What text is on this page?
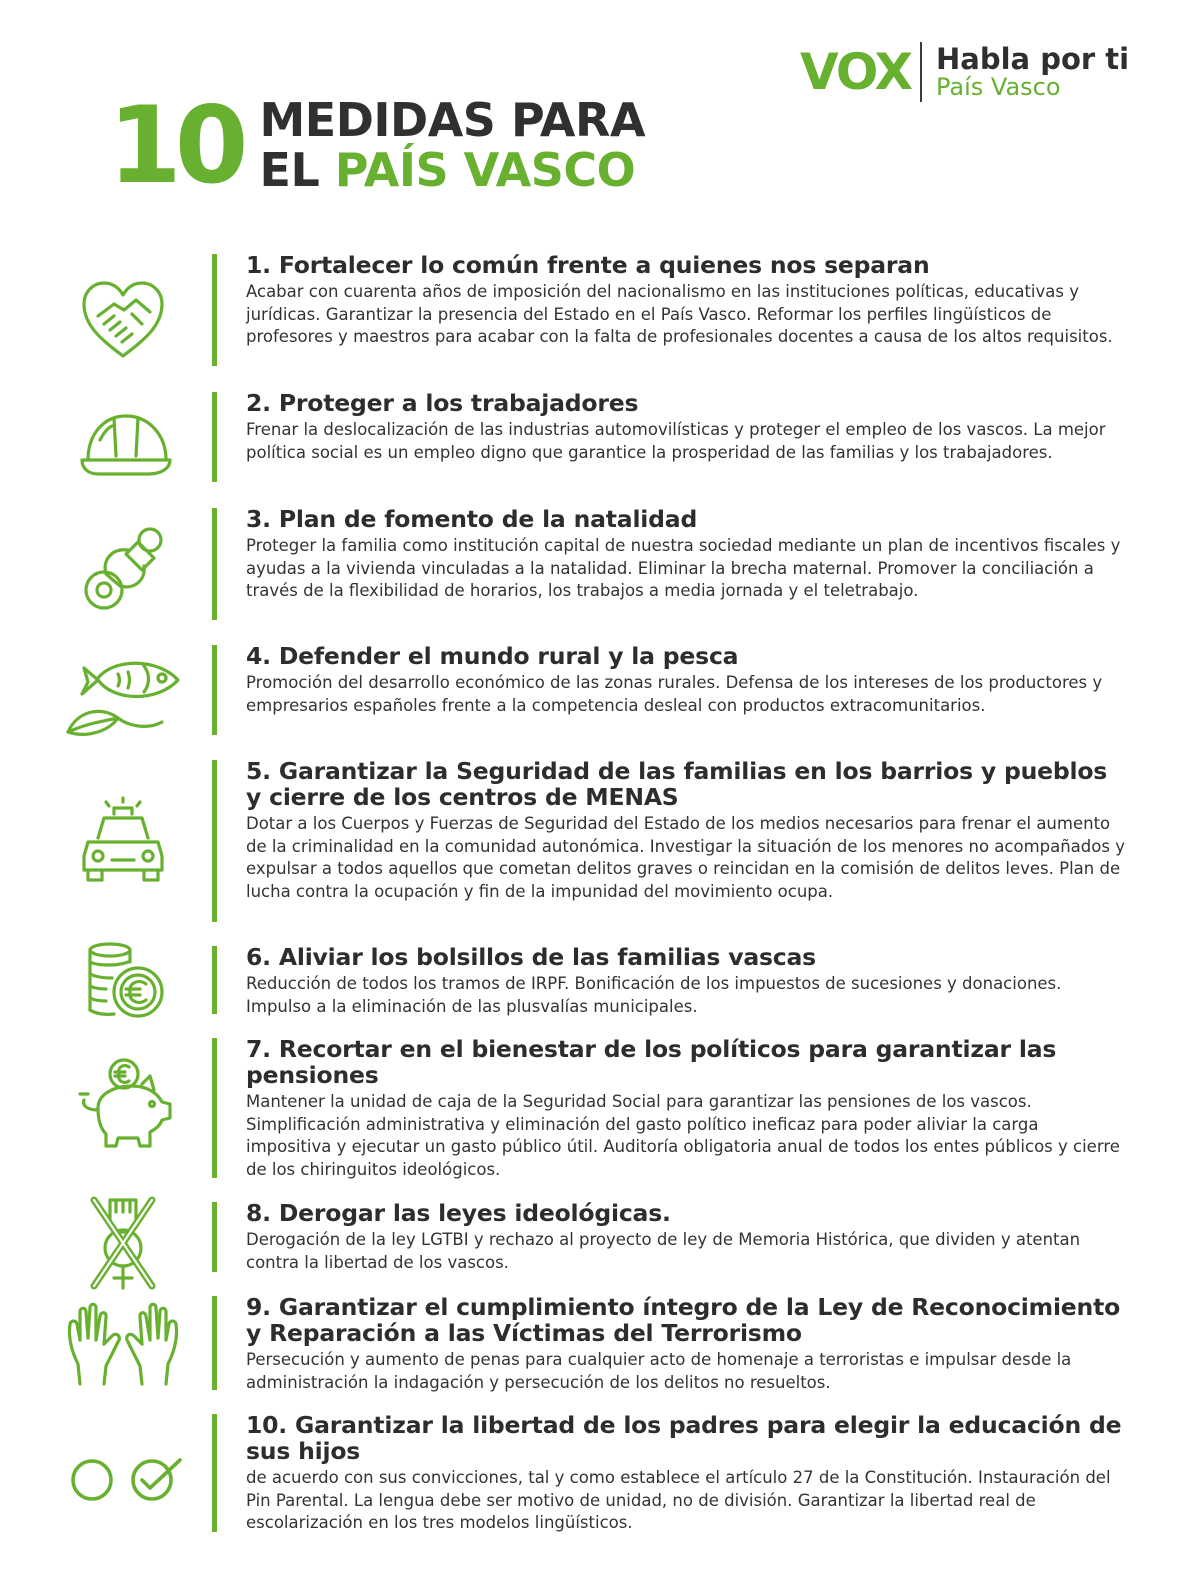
VOX Habla por ti
País Vasco
10 MEDIDAS PARA
EL PAÍS VASCO
1. Fortalecer lo común frente a quienes nos separan

Acabar con cuarenta años de imposición del nacionalismo en las instituciones políticas, educativas y jurídicas. Garantizar la presencia del Estado en el País Vasco. Reformar los perfiles lingüísticos de profesores y maestros para acabar con la falta de profesionales docentes a causa de los altos requisitos.

2. Proteger a los trabajadores

Frenar la deslocalización de las industrias automovilísticas y proteger el empleo de los vascos. La mejor política social es un empleo digno que garantice la prosperidad de las familias y los trabajadores.

3. Plan de fomento de la natalidad

Proteger la familia como institución capital de nuestra sociedad mediante un plan de incentivos fiscales y ayudas a la vivienda vinculadas a la natalidad. Eliminar la brecha maternal. Promover la conciliación a través de la flexibilidad de horarios, los trabajos a media jornada y el teletrabajo.

4. Defender el mundo rural y la pesca

Promoción del desarrollo económico de las zonas rurales. Defensa de los intereses de los productores y empresarios españoles frente a la competencia desleal con productos extracomunitarios.

5. Garantizar la Seguridad de las familias en los barrios y pueblos y cierre de los centros de MENAS

Dotar a los Cuerpos y Fuerzas de Seguridad del Estado de los medios necesarios para frenar el aumento de la criminalidad en la comunidad autonómica. Investigar la situación de los menores no acompañados y expulsar a todos aquellos que cometan delitos graves o reincidan en la comisión de delitos leves. Plan de lucha contra la ocupación y fin de la impunidad del movimiento ocupa.

6. Aliviar los bolsillos de las familias vascas

Reducción de todos los tramos de IRPF. Bonificación de los impuestos de sucesiones y donaciones. Impulso a la eliminación de las plusvalías municipales.

7. Recortar en el bienestar de los políticos para garantizar las pensiones

Mantener la unidad de caja de la Seguridad Social para garantizar las pensiones de los vascos. Simplificación administrativa y eliminación del gasto político ineficaz para poder aliviar la carga impositiva y ejecutar un gasto público útil. Auditoría obligatoria anual de todos los entes públicos y cierre de los chiringuitos ideológicos.

8. Derogar las leyes ideológicas.

Derogación de la ley LGTBI y rechazo al proyecto de ley de Memoria Histórica, que dividen y atentan contra la libertad de los vascos.

9. Garantizar el cumplimiento íntegro de la Ley de Reconocimiento y Reparación a las Víctimas del Terrorismo

Persecución y aumento de penas para cualquier acto de homenaje a terroristas e impulsar desde la administración la indagación y persecución de los delitos no resueltos.

10. Garantizar la libertad de los padres para elegir la educación de sus hijos

de acuerdo con sus convicciones, tal y como establece el artículo 27 de la Constitución. Instauración del Pin Parental. La lengua debe ser motivo de unidad, no de división. Garantizar la libertad real de escolarización en los tres modelos lingüísticos.
